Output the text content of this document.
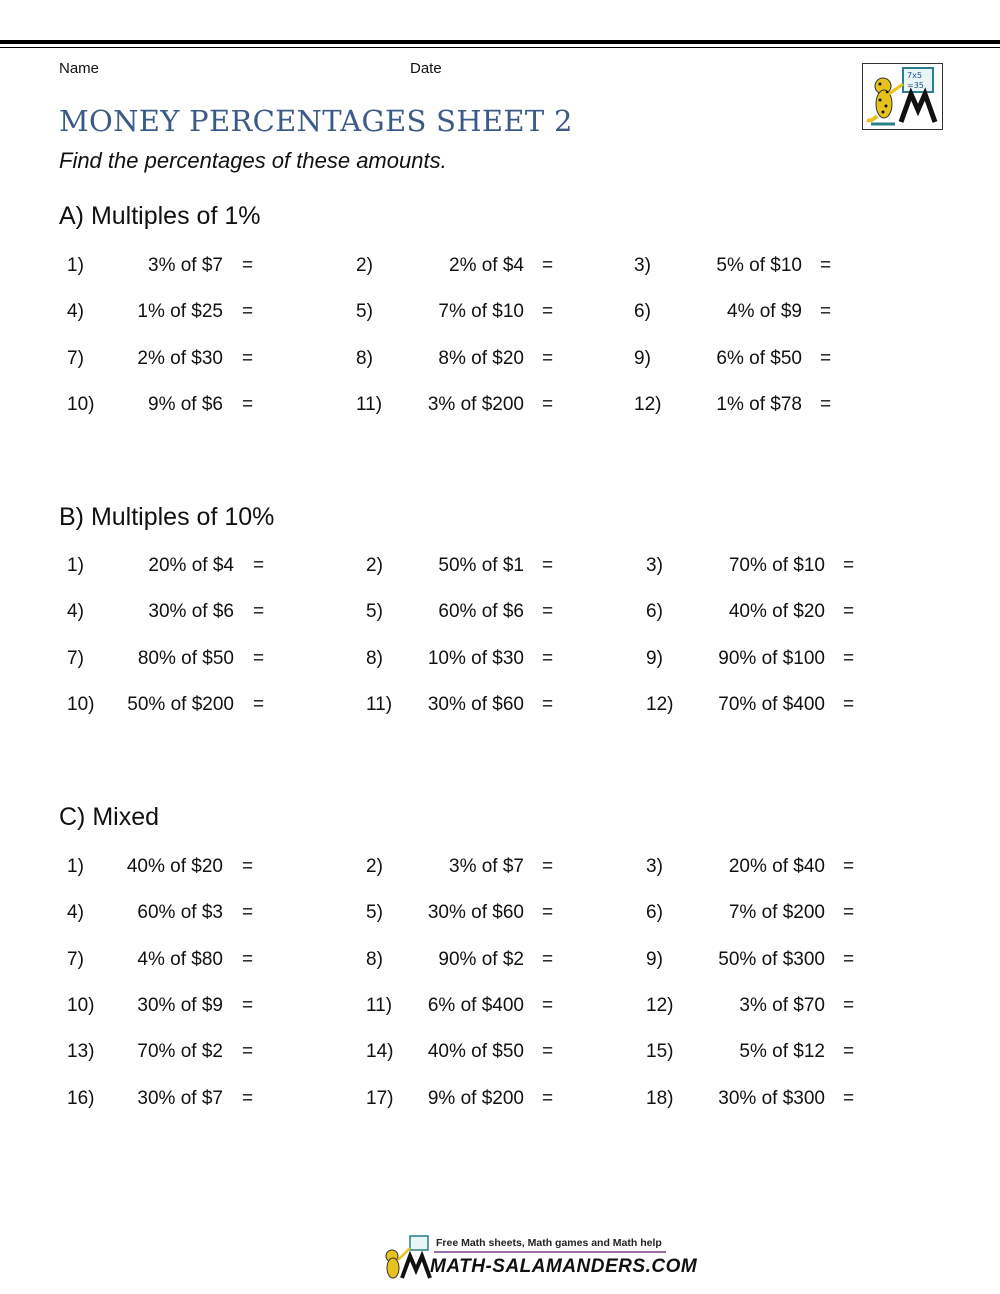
Name	Date	7x5
=35
MONEY PERCENTAGES SHEET 2
Find the percentages of these amounts.
A) Multiples of 1%
B) Multiples of 10%
C) Mixed
1)	3% of $7 =	2)	2% of $4 =	3)	5% of $10 =
4)	1% of $25 =	5)	7% of $10 =	6)	4% of $9 =
7)	2% of $30 =	8)	8% of $20 =	9)	6% of $50 =
10)	9% of $6 =	11)	3% of $200 =	12)	1% of $78 =
1)	20% of $4 =	2)	50% of $1 =	3)	70% of $10 =
4)	30% of $6 =	5)	60% of $6 =	6)	40% of $20 =
7)	80% of $50 =	8)	10% of $30 =	9)	90% of $100 =
10)	50% of $200 =	11)	30% of $60 =	12)	70% of $400 =
1)	40% of $20 =	2)	3% of $7 =	3)	20% of $40 =
4)	60% of $3 =	5)	30% of $60 =	6)	7% of $200 =
7)	4% of $80 =	8)	90% of $2 =	9)	50% of $300 =
10)	30% of $9 =	11)	6% of $400 =	12)	3% of $70 =
13)	70% of $2 =	14)	40% of $50 =	15)	5% of $12 =
16)	30% of $7 =	17)	9% of $200 =	18)	30% of $300 =
Free Math sheets, Math games and Math help
MATH-SALAMANDERS.COM
